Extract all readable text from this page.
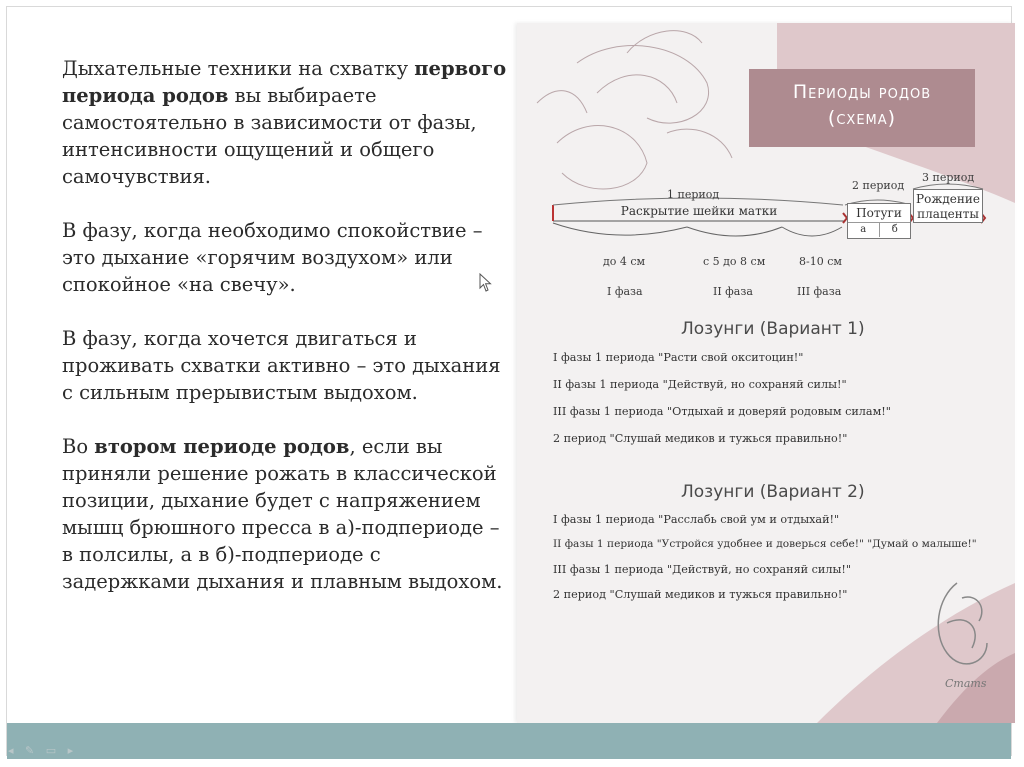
Дыхательные техники на схватку первого периода родов вы выбираете самостоятельно в зависимости от фазы, интенсивности ощущений и общего самочувствия.

В фазу, когда необходимо спокойствие – это дыхание «горячим воздухом» или спокойное «на свечу».

В фазу, когда хочется двигаться и проживать схватки активно – это дыхания с сильным прерывистым выдохом.

Во втором периоде родов, если вы приняли решение рожать в классической позиции, дыхание будет с напряжением мышц брюшного пресса в а)-подпериоде – в полсилы, а в б)-подпериоде с задержками дыхания и плавным выдохом.

Периоды родов
(схема)
1 период
2 период
3 период
Раскрытие шейки матки	Потуги
а	б
Рождение
плаценты
до 4 см	с 5 до 8 см	8-10 см
I фаза	II фаза	III фаза
Лозунги (Вариант 1)
I фазы 1 периода "Расти свой окситоцин!"
II фазы 1 периода "Действуй, но сохраняй силы!"
III фазы 1 периода "Отдыхай и доверяй родовым силам!"
2 период "Слушай медиков и тужься правильно!"
Лозунги (Вариант 2)
I фазы 1 периода "Расслабь свой ум и отдыхай!"
II фазы 1 периода "Устройся удобнее и доверься себе!" "Думай о малыше!"
III фазы 1 периода "Действуй, но сохраняй силы!"
2 период "Слушай медиков и тужься правильно!"
Cmams
◂ ✎ ▭ ▸
